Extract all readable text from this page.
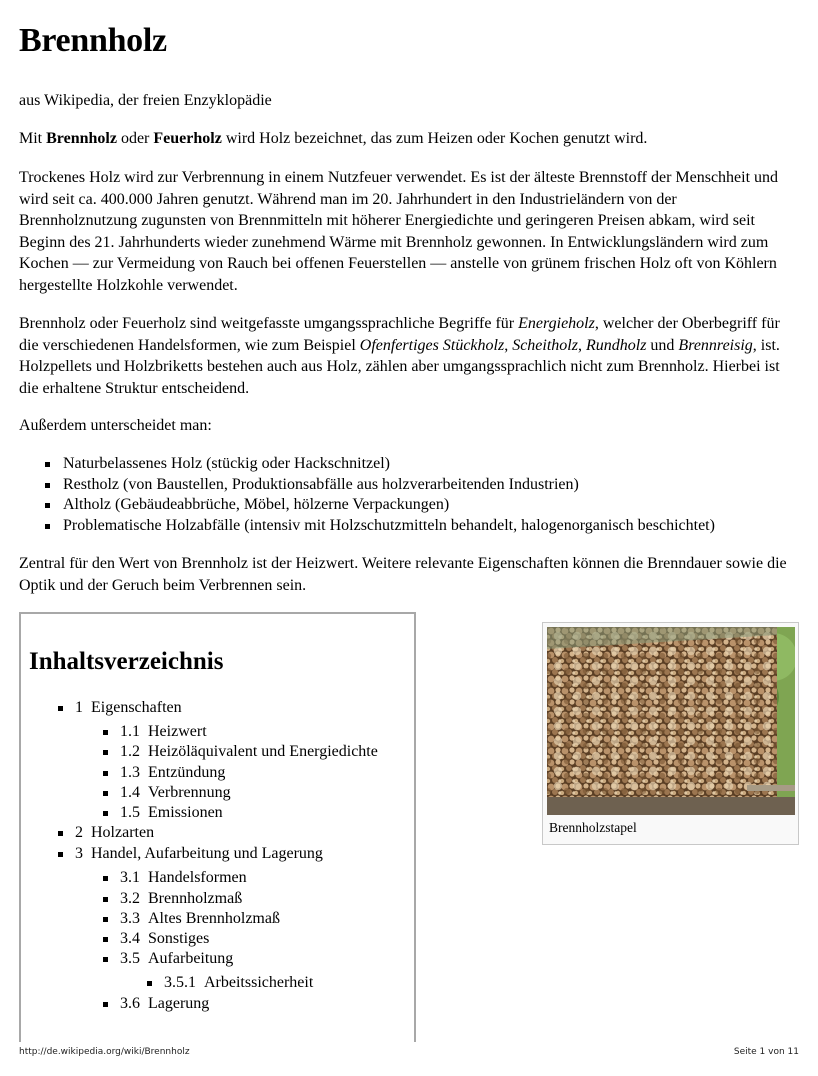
Brennholz

aus Wikipedia, der freien Enzyklopädie

Mit Brennholz oder Feuerholz wird Holz bezeichnet, das zum Heizen oder Kochen genutzt wird.

Trockenes Holz wird zur Verbrennung in einem Nutzfeuer verwendet. Es ist der älteste Brennstoff der Menschheit und wird seit ca. 400.000 Jahren genutzt. Während man im 20. Jahrhundert in den Industrieländern von der Brennholznutzung zugunsten von Brennmitteln mit höherer Energiedichte und geringeren Preisen abkam, wird seit Beginn des 21. Jahrhunderts wieder zunehmend Wärme mit Brennholz gewonnen. In Entwicklungsländern wird zum Kochen — zur Vermeidung von Rauch bei offenen Feuerstellen — anstelle von grünem frischen Holz oft von Köhlern hergestellte Holzkohle verwendet.

Brennholz oder Feuerholz sind weitgefasste umgangssprachliche Begriffe für Energieholz, welcher der Oberbegriff für die verschiedenen Handelsformen, wie zum Beispiel Ofenfertiges Stückholz, Scheitholz, Rundholz und Brennreisig, ist. Holzpellets und Holzbriketts bestehen auch aus Holz, zählen aber umgangssprachlich nicht zum Brennholz. Hierbei ist die erhaltene Struktur entscheidend.

Außerdem unterscheidet man:

Naturbelassenes Holz (stückig oder Hackschnitzel)
Restholz (von Baustellen, Produktionsabfälle aus holzverarbeitenden Industrien)
Altholz (Gebäudeabbrüche, Möbel, hölzerne Verpackungen)
Problematische Holzabfälle (intensiv mit Holzschutzmitteln behandelt, halogenorganisch beschichtet)

Zentral für den Wert von Brennholz ist der Heizwert. Weitere relevante Eigenschaften können die Brenndauer sowie die Optik und der Geruch beim Verbrennen sein.

Inhaltsverzeichnis
1 Eigenschaften
1.1 Heizwert
1.2 Heizöläquivalent und Energiedichte
1.3 Entzündung
1.4 Verbrennung
1.5 Emissionen
2 Holzarten
3 Handel, Aufarbeitung und Lagerung
3.1 Handelsformen
3.2 Brennholzmaß
3.3 Altes Brennholzmaß
3.4 Sonstiges
3.5 Aufarbeitung
3.5.1 Arbeitssicherheit
3.6 Lagerung
Brennholzstapel
http://de.wikipedia.org/wiki/Brennholz	Seite 1 von 11
